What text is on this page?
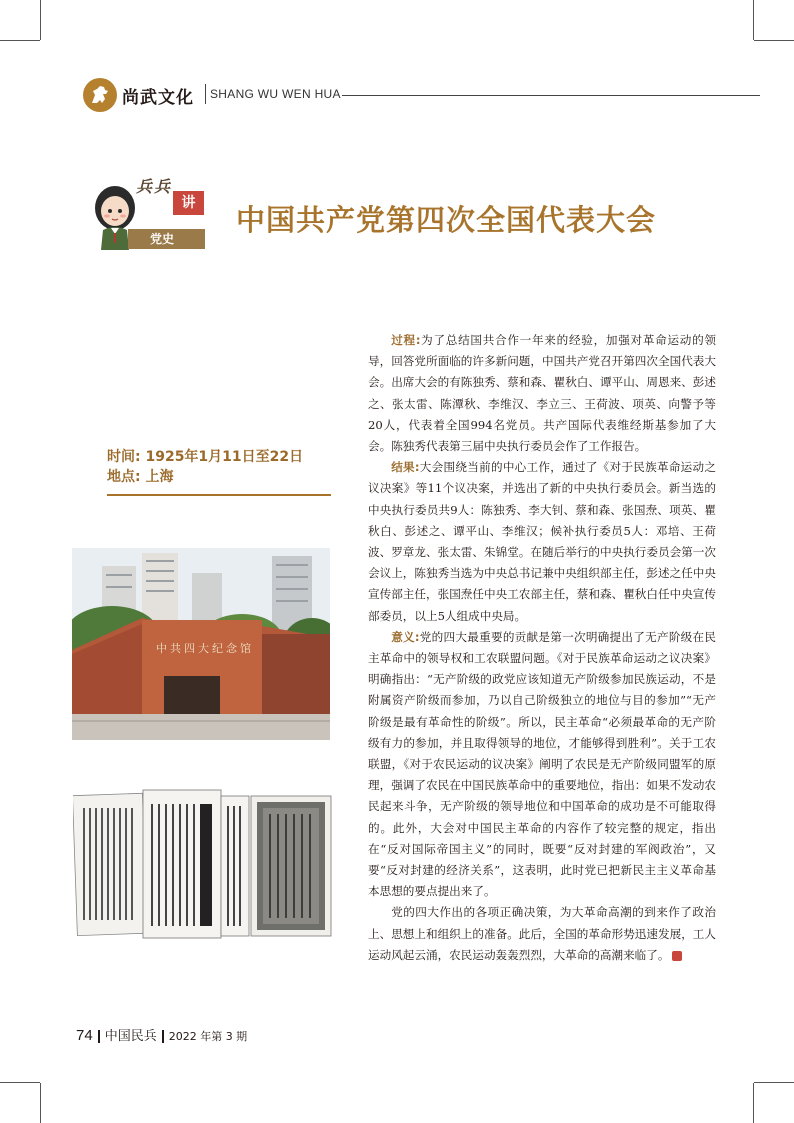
尚武文化 SHANG WU WEN HUA
兵兵
讲
党史
中国共产党第四次全国代表大会
时间: 1925年1月11日至22日
地点: 上海
中共四大纪念馆

过程:为了总结国共合作一年来的经验，加强对革命运动的领导，回答党所面临的许多新问题，中国共产党召开第四次全国代表大会。出席大会的有陈独秀、蔡和森、瞿秋白、谭平山、周恩来、彭述之、张太雷、陈潭秋、李维汉、李立三、王荷波、项英、向警予等20人，代表着全国994名党员。共产国际代表维经斯基参加了大会。陈独秀代表第三届中央执行委员会作了工作报告。

结果:大会围绕当前的中心工作，通过了《对于民族革命运动之议决案》等11个议决案，并选出了新的中央执行委员会。新当选的中央执行委员共9人：陈独秀、李大钊、蔡和森、张国焘、项英、瞿秋白、彭述之、谭平山、李维汉；候补执行委员5人：邓培、王荷波、罗章龙、张太雷、朱锦堂。在随后举行的中央执行委员会第一次会议上，陈独秀当选为中央总书记兼中央组织部主任，彭述之任中央宣传部主任，张国焘任中央工农部主任，蔡和森、瞿秋白任中央宣传部委员，以上5人组成中央局。

意义:党的四大最重要的贡献是第一次明确提出了无产阶级在民主革命中的领导权和工农联盟问题。《对于民族革命运动之议决案》明确指出：“无产阶级的政党应该知道无产阶级参加民族运动，不是附属资产阶级而参加，乃以自己阶级独立的地位与目的参加”“无产阶级是最有革命性的阶级”。所以，民主革命“必须最革命的无产阶级有力的参加，并且取得领导的地位，才能够得到胜利”。关于工农联盟，《对于农民运动的议决案》阐明了农民是无产阶级同盟军的原理，强调了农民在中国民族革命中的重要地位，指出：如果不发动农民起来斗争，无产阶级的领导地位和中国革命的成功是不可能取得的。此外，大会对中国民主革命的内容作了较完整的规定，指出在“反对国际帝国主义”的同时，既要“反对封建的军阀政治”，又要“反对封建的经济关系”，这表明，此时党已把新民主主义革命基本思想的要点提出来了。

党的四大作出的各项正确决策，为大革命高潮的到来作了政治上、思想上和组织上的准备。此后，全国的革命形势迅速发展，工人运动风起云涌，农民运动轰轰烈烈，大革命的高潮来临了。

74 中国民兵 2022 年第 3 期
